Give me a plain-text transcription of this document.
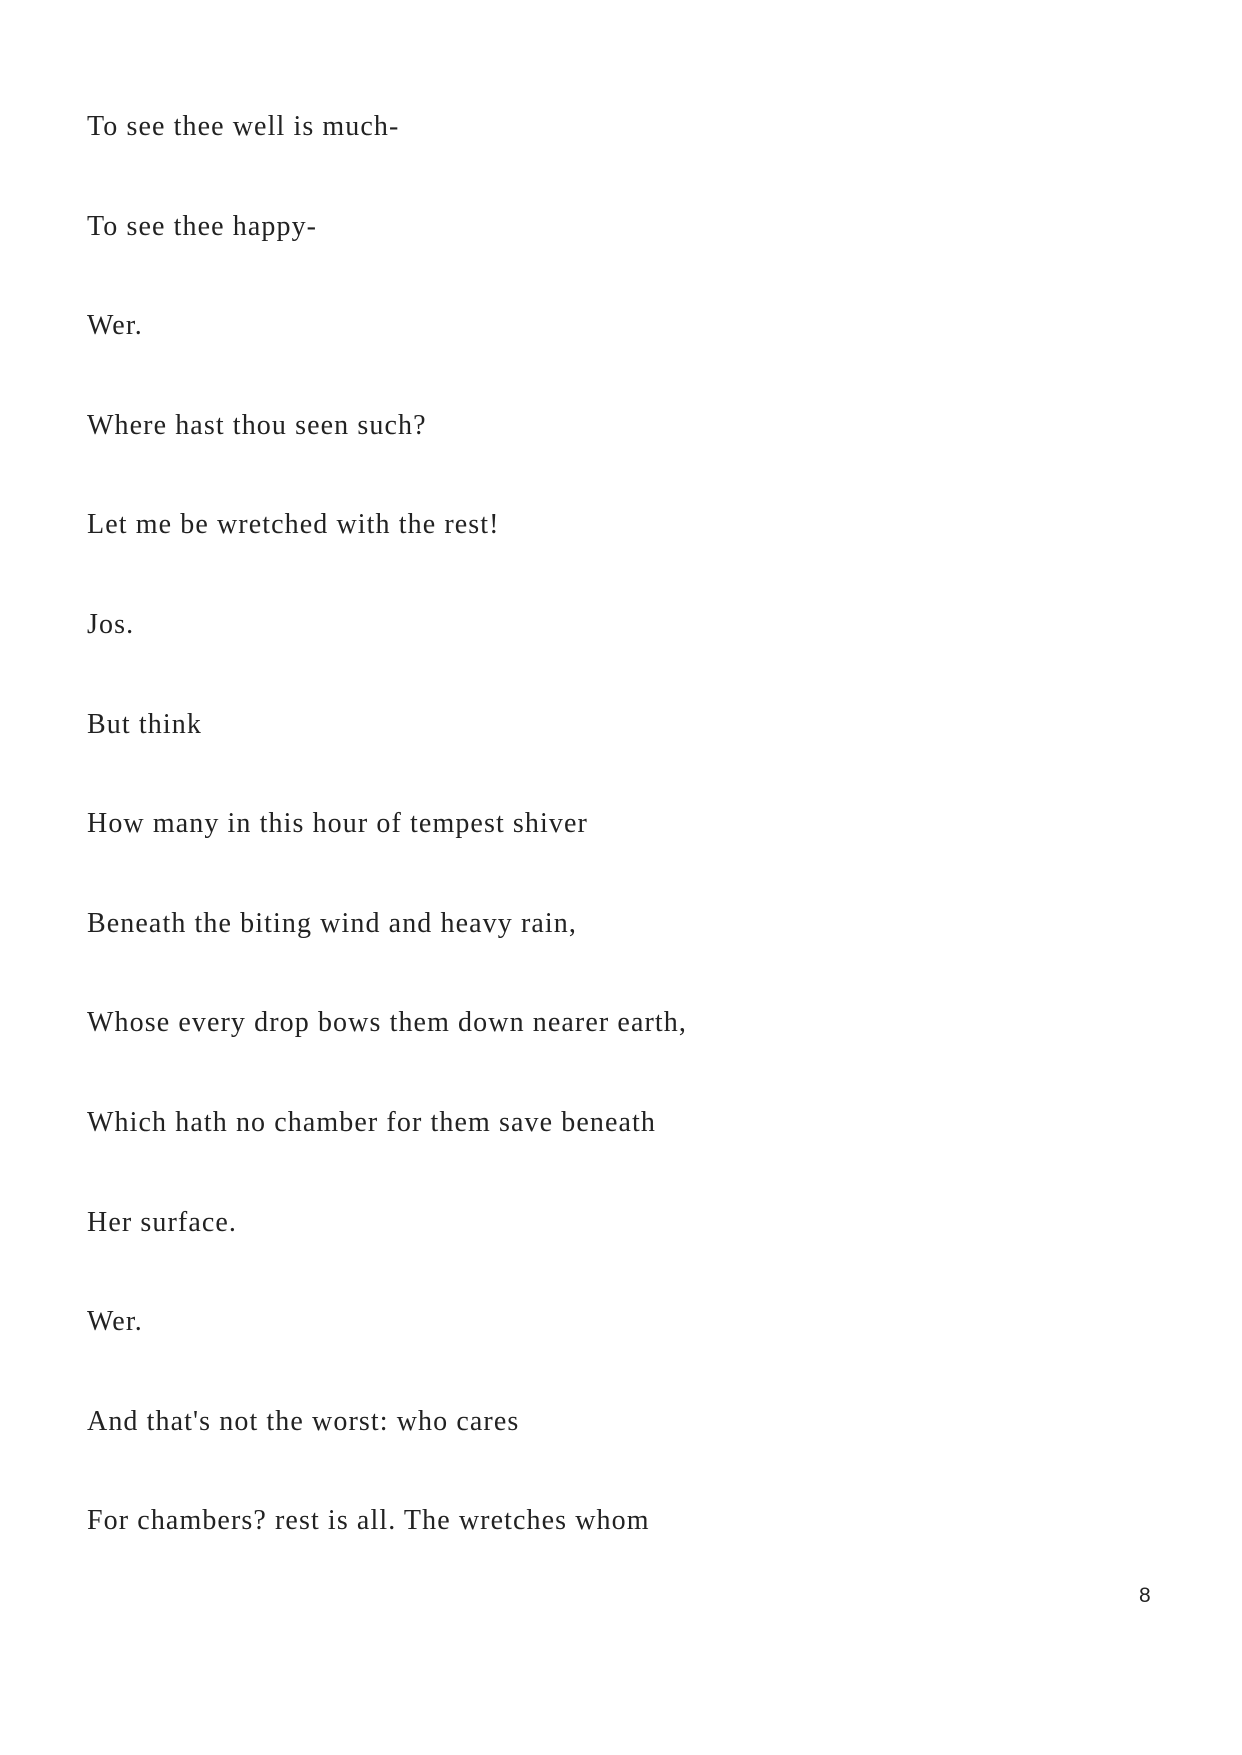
To see thee well is much-
To see thee happy-
Wer.
Where hast thou seen such?
Let me be wretched with the rest!
Jos.
But think
How many in this hour of tempest shiver
Beneath the biting wind and heavy rain,
Whose every drop bows them down nearer earth,
Which hath no chamber for them save beneath
Her surface.
Wer.
And that's not the worst: who cares
For chambers? rest is all. The wretches whom
8
